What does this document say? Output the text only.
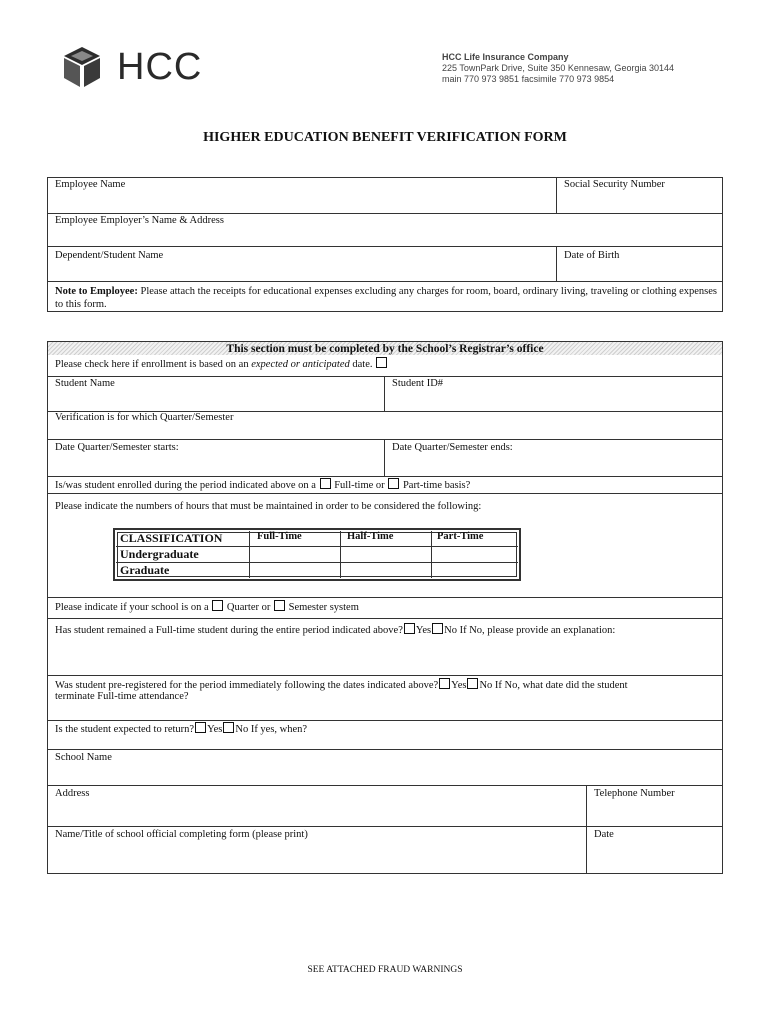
HCC	HCC Life Insurance Company
225 TownPark Drive, Suite 350 Kennesaw, Georgia 30144
main 770 973 9851 facsimile 770 973 9854
HIGHER EDUCATION BENEFIT VERIFICATION FORM
Employee Name	Social Security Number
Employee Employer’s Name & Address
Dependent/Student Name	Date of Birth
Note to Employee: Please attach the receipts for educational expenses excluding any charges for room, board, ordinary living, traveling or clothing expenses to this form.
This section must be completed by the School’s Registrar’s office
Please check here if enrollment is based on an expected or anticipated date.
Student Name	Student ID#
Verification is for which Quarter/Semester
Date Quarter/Semester starts:	Date Quarter/Semester ends:
Is/was student enrolled during the period indicated above on a Full-time or Part-time basis?
Please indicate the numbers of hours that must be maintained in order to be considered the following:
CLASSIFICATION	Full-Time	Half-Time	Part-Time
Undergraduate
Graduate
Please indicate if your school is on a Quarter or Semester system
Has student remained a Full-time student during the entire period indicated above? Yes No If No, please provide an explanation:
Was student pre-registered for the period immediately following the dates indicated above? Yes No If No, what date did the student
terminate Full-time attendance?
Is the student expected to return? Yes No If yes, when?
School Name
Address	Telephone Number
Name/Title of school official completing form (please print)	Date
SEE ATTACHED FRAUD WARNINGS
